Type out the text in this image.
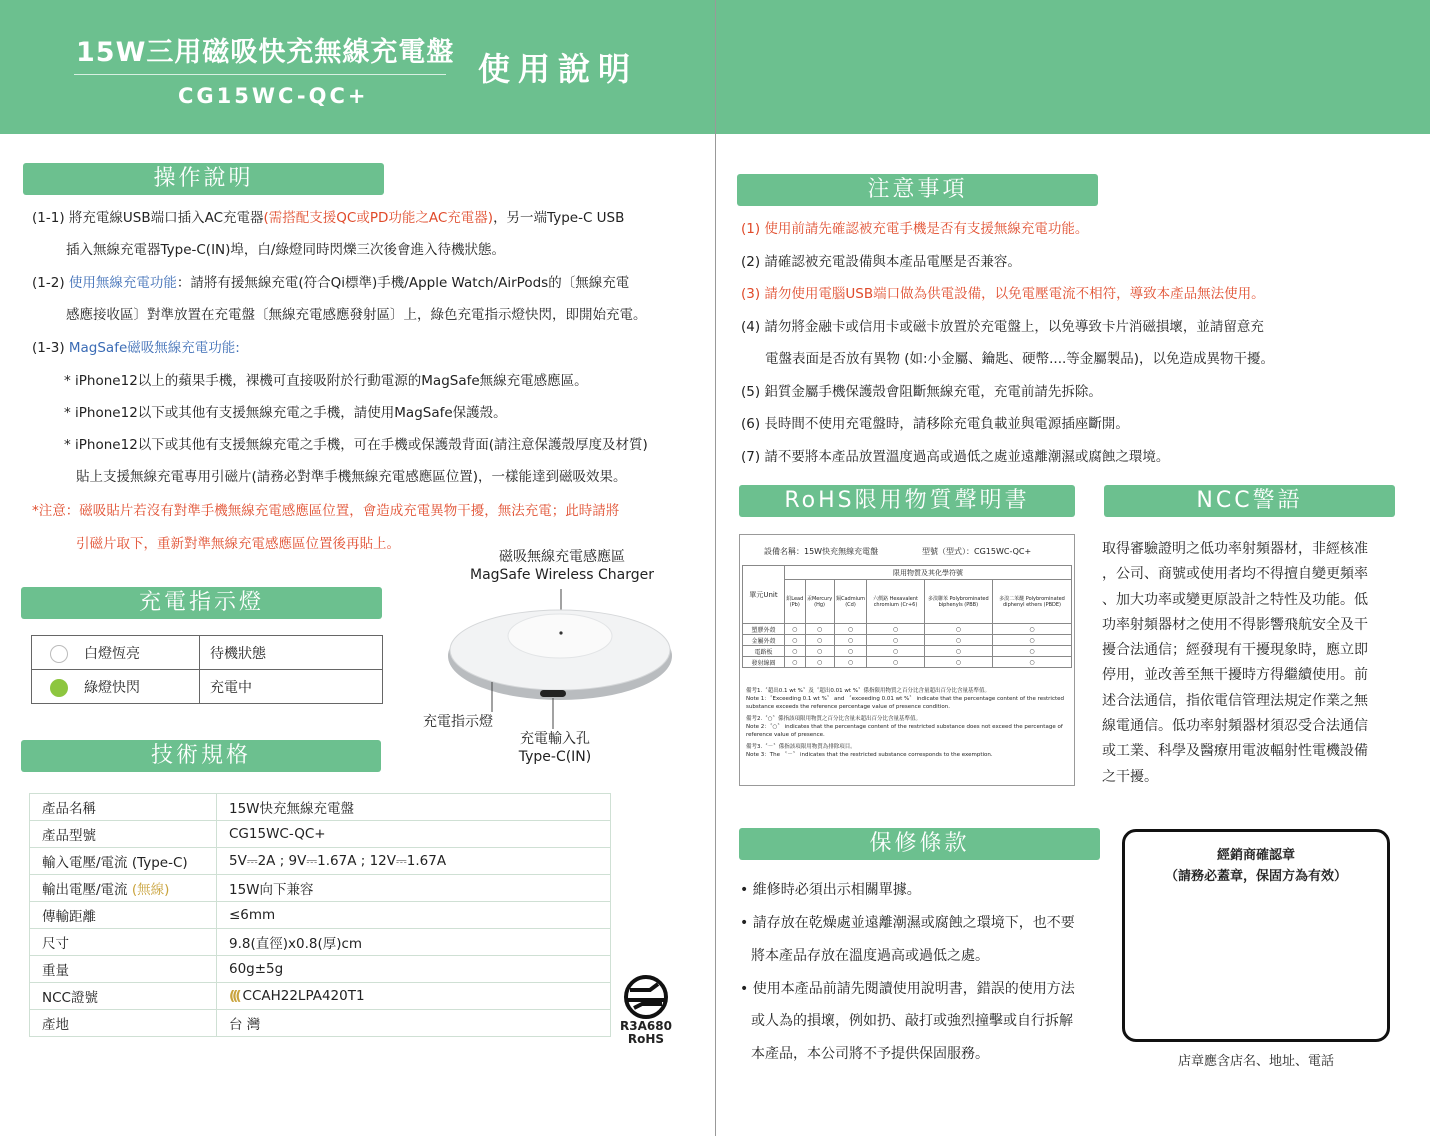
15W三用磁吸快充無線充電盤
CG15WC-QC+
使用說明
操作說明
(1-1) 將充電線USB端口插入AC充電器(需搭配支援QC或PD功能之AC充電器)，另一端Type-C USB
插入無線充電器Type-C(IN)埠，白/綠燈同時閃爍三次後會進入待機狀態。
(1-2) 使用無線充電功能：請將有援無線充電(符合Qi標準)手機/Apple Watch/AirPods的〔無線充電
感應接收區〕對準放置在充電盤〔無線充電感應發射區〕上，綠色充電指示燈快閃，即開始充電。
(1-3) MagSafe磁吸無線充電功能:
* iPhone12以上的蘋果手機，裸機可直接吸附於行動電源的MagSafe無線充電感應區。
* iPhone12以下或其他有支援無線充電之手機，請使用MagSafe保護殼。
* iPhone12以下或其他有支援無線充電之手機，可在手機或保護殼背面(請注意保護殼厚度及材質)
貼上支援無線充電專用引磁片(請務必對準手機無線充電感應區位置)，一樣能達到磁吸效果。
*注意：磁吸貼片若沒有對準手機無線充電感應區位置，會造成充電異物干擾，無法充電；此時請將
引磁片取下，重新對準無線充電感應區位置後再貼上。
磁吸無線充電感應區
MagSafe Wireless Charger
充電指示燈
充電輸入孔
Type-C(IN)
充電指示燈
白燈恆亮	待機狀態
綠燈快閃	充電中
技術規格
產品名稱	15W快充無線充電盤
產品型號	CG15WC-QC+
輸入電壓/電流 (Type-C)	5V⎓2A ; 9V⎓1.67A ; 12V⎓1.67A
輸出電壓/電流 (無線)	15W向下兼容
傳輸距離	≤6mm
尺寸	9.8(直徑)x0.8(厚)cm
重量	60g±5g
NCC證號	((( CCAH22LPA420T1
產地	台 灣	R3A680
RoHS
注意事項
(1) 使用前請先確認被充電手機是否有支援無線充電功能。
(2) 請確認被充電設備與本產品電壓是否兼容。
(3) 請勿使用電腦USB端口做為供電設備，以免電壓電流不相符，導致本產品無法使用。
(4) 請勿將金融卡或信用卡或磁卡放置於充電盤上，以免導致卡片消磁損壞，並請留意充
電盤表面是否放有異物 (如:小金屬、鑰匙、硬幣....等金屬製品)，以免造成異物干擾。
(5) 鋁質金屬手機保護殼會阻斷無線充電，充電前請先拆除。
(6) 長時間不使用充電盤時，請移除充電負載並與電源插座斷開。
(7) 請不要將本產品放置溫度過高或過低之處並遠離潮濕或腐蝕之環境。
RoHS限用物質聲明書
設備名稱：15W快充無線充電盤	型號（型式）：CG15WC-QC+
單元Unit	限用物質及其化學符號					
	鉛Lead (Pb)	汞Mercury (Hg)	鎘Cadmium (Cd)	六價鉻 Hexavalent chromium (Cr+6)	多溴聯苯 Polybrominated biphenyls (PBB)	多溴二苯醚 Polybrominated diphenyl ethers (PBDE)
塑膠外殼	○	○	○	○	○	○
金屬外殼	○	○	○	○	○	○
電路板	○	○	○	○	○	○
發射線圈	○	○	○	○	○	○
備考1.〝超出0.1 wt %〞及〝超出0.01 wt %〞係指限用物質之百分比含量超出百分比含量基準值。
Note 1：〝Exceeding 0.1 wt %〞 and 〝exceeding 0.01 wt %〞 indicate that the percentage content of the restricted
substance exceeds the reference percentage value of presence condition.
備考2.〝○〞係指該項限用物質之百分比含量未超出百分比含量基準值。
Note 2：〝○〞 indicates that the percentage content of the restricted substance does not exceed the percentage of
reference value of presence.
備考3.〝－〞係指該項限用物質為排除項目。
Note 3：The 〝－〞 indicates that the restricted substance corresponds to the exemption.
NCC警語
取得審驗證明之低功率射頻器材，非經核准
，公司、商號或使用者均不得擅自變更頻率
、加大功率或變更原設計之特性及功能。低
功率射頻器材之使用不得影響飛航安全及干
擾合法通信；經發現有干擾現象時，應立即
停用，並改善至無干擾時方得繼續使用。前
述合法通信，指依電信管理法規定作業之無
線電通信。低功率射頻器材須忍受合法通信
或工業、科學及醫療用電波輻射性電機設備
之干擾。
保修條款
• 維修時必須出示相關單據。
• 請存放在乾燥處並遠離潮濕或腐蝕之環境下，也不要
將本產品存放在溫度過高或過低之處。
• 使用本產品前請先閱讀使用說明書，錯誤的使用方法
或人為的損壞，例如扔、敲打或強烈撞擊或自行拆解
本產品，本公司將不予提供保固服務。
經銷商確認章
（請務必蓋章，保固方為有效）
店章應含店名、地址、電話
